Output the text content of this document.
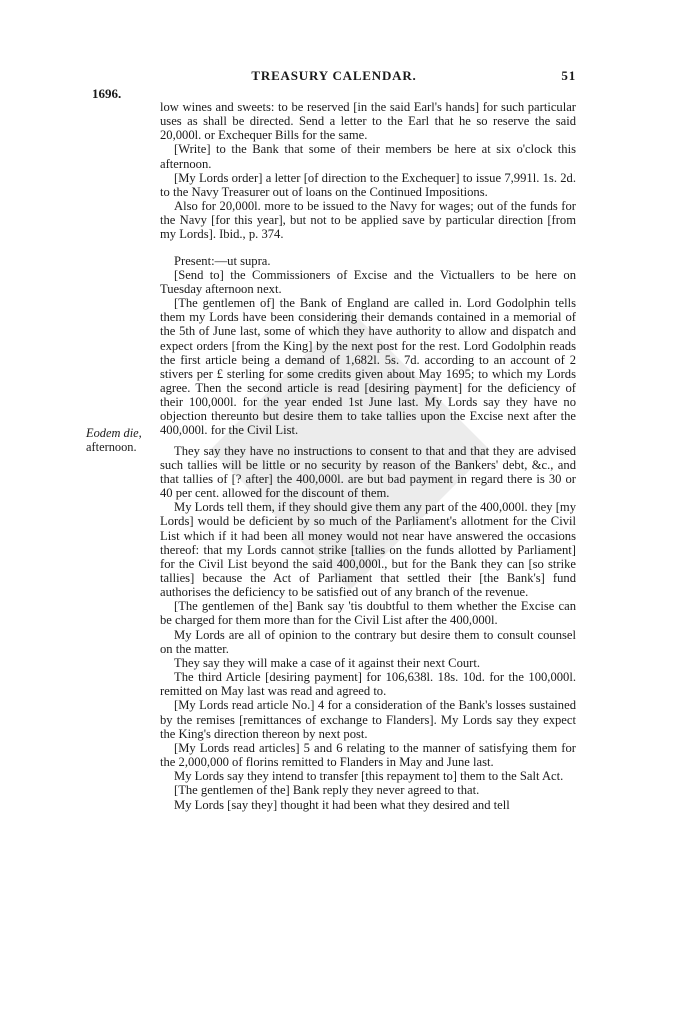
TREASURY CALENDAR.	51
1696.
Eodem die,
afternoon.

low wines and sweets: to be reserved [in the said Earl's hands] for such particular uses as shall be directed. Send a letter to the Earl that he so reserve the said 20,000l. or Exchequer Bills for the same.

[Write] to the Bank that some of their members be here at six o'clock this afternoon.

[My Lords order] a letter [of direction to the Exchequer] to issue 7,991l. 1s. 2d. to the Navy Treasurer out of loans on the Continued Impositions.

Also for 20,000l. more to be issued to the Navy for wages; out of the funds for the Navy [for this year], but not to be applied save by particular direction [from my Lords]. Ibid., p. 374.

Present:—ut supra.

[Send to] the Commissioners of Excise and the Victuallers to be here on Tuesday afternoon next.

[The gentlemen of] the Bank of England are called in. Lord Godolphin tells them my Lords have been considering their demands contained in a memorial of the 5th of June last, some of which they have authority to allow and dispatch and expect orders [from the King] by the next post for the rest. Lord Godolphin reads the first article being a demand of 1,682l. 5s. 7d. according to an account of 2 stivers per £ sterling for some credits given about May 1695; to which my Lords agree. Then the second article is read [desiring payment] for the deficiency of their 100,000l. for the year ended 1st June last. My Lords say they have no objection thereunto but desire them to take tallies upon the Excise next after the 400,000l. for the Civil List.

They say they have no instructions to consent to that and that they are advised such tallies will be little or no security by reason of the Bankers' debt, &c., and that tallies of [? after] the 400,000l. are but bad payment in regard there is 30 or 40 per cent. allowed for the discount of them.

My Lords tell them, if they should give them any part of the 400,000l. they [my Lords] would be deficient by so much of the Parliament's allotment for the Civil List which if it had been all money would not near have answered the occasions thereof: that my Lords cannot strike [tallies on the funds allotted by Parliament] for the Civil List beyond the said 400,000l., but for the Bank they can [so strike tallies] because the Act of Parliament that settled their [the Bank's] fund authorises the deficiency to be satisfied out of any branch of the revenue.

[The gentlemen of the] Bank say 'tis doubtful to them whether the Excise can be charged for them more than for the Civil List after the 400,000l.

My Lords are all of opinion to the contrary but desire them to consult counsel on the matter.

They say they will make a case of it against their next Court.

The third Article [desiring payment] for 106,638l. 18s. 10d. for the 100,000l. remitted on May last was read and agreed to.

[My Lords read article No.] 4 for a consideration of the Bank's losses sustained by the remises [remittances of exchange to Flanders]. My Lords say they expect the King's direction thereon by next post.

[My Lords read articles] 5 and 6 relating to the manner of satisfying them for the 2,000,000 of florins remitted to Flanders in May and June last.

My Lords say they intend to transfer [this repayment to] them to the Salt Act.

[The gentlemen of the] Bank reply they never agreed to that.

My Lords [say they] thought it had been what they desired and tell
